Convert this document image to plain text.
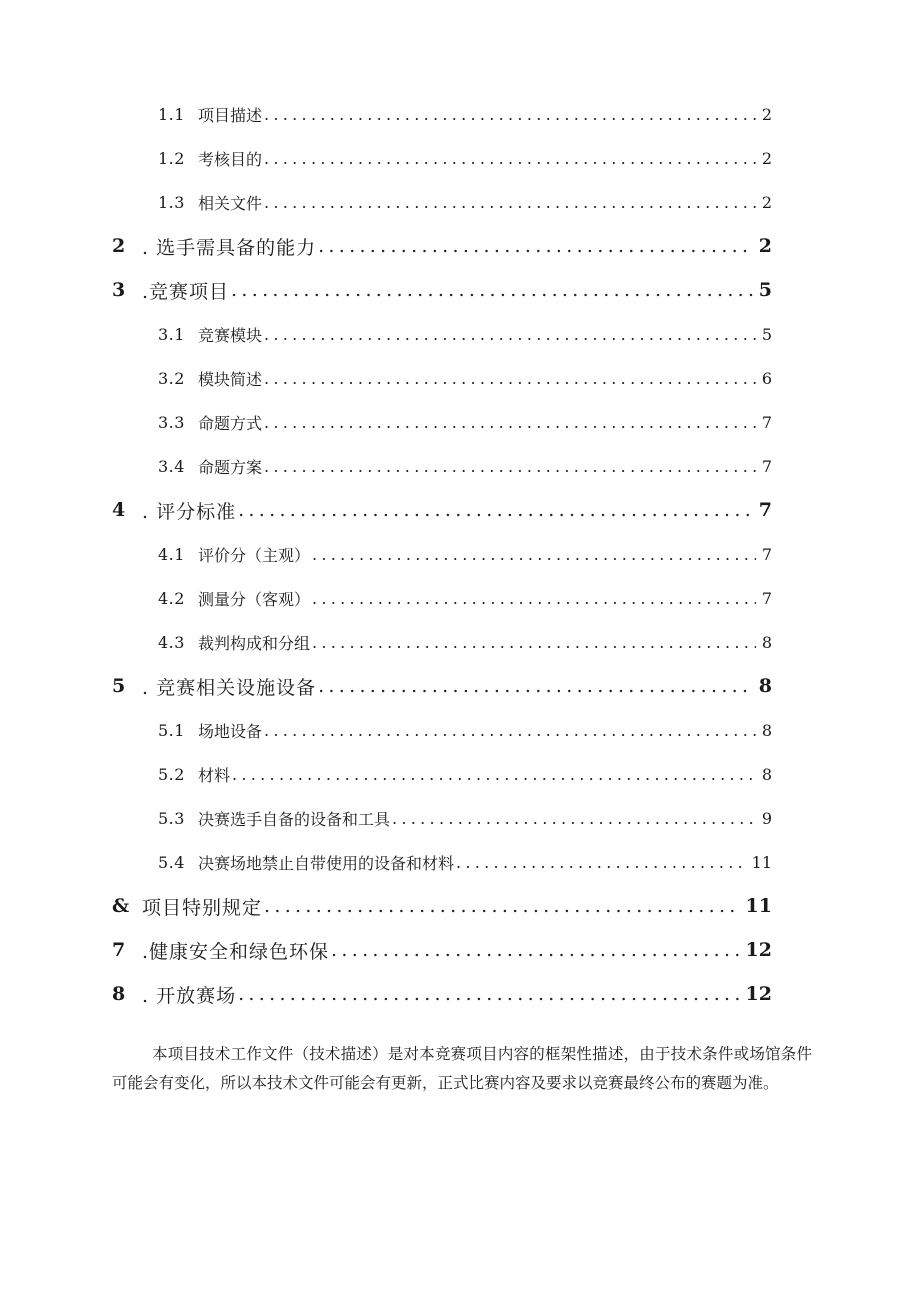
1.1 项目描述 .....	2
1.2 考核目的 .....	2
1.3 相关文件 .....	2
2 . 选手需具备的能力 .....	2
3 .竞赛项目 .....	5
3.1 竞赛模块 .....	5
3.2 模块简述 .....	6
3.3 命题方式 .....	7
3.4 命题方案 .....	7
4 . 评分标准 .....	7
4.1 评价分（主观） .....	7
4.2 测量分（客观） .....	7
4.3 裁判构成和分组 .....	8
5 . 竞赛相关设施设备 .....	8
5.1 场地设备 .....	8
5.2 材料 .....	8
5.3 决赛选手自备的设备和工具 .....	9
5.4 决赛场地禁止自带使用的设备和材料 .....	11
& 项目特别规定 .....	11
7 .健康安全和绿色环保 .....	12
8 . 开放赛场 .....	12

本项目技术工作文件（技术描述）是对本竞赛项目内容的框架性描述，由于技术条件或场馆条件可能会有变化，所以本技术文件可能会有更新，正式比赛内容及要求以竞赛最终公布的赛题为准。
